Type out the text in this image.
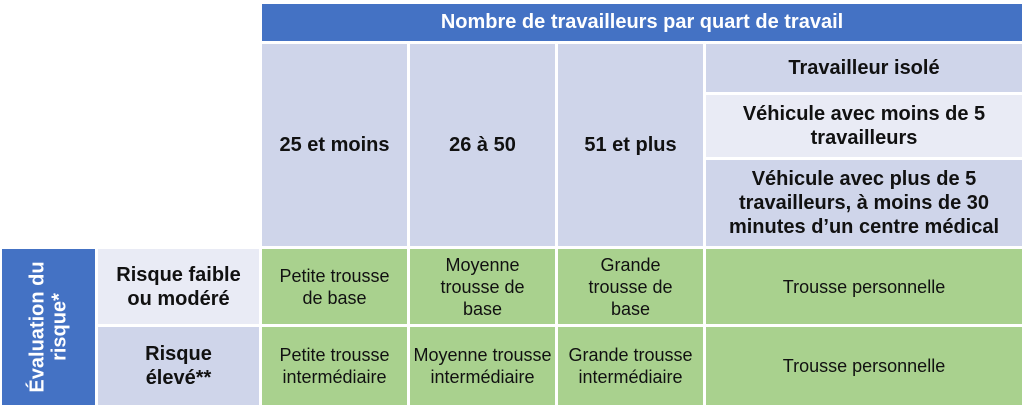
Nombre de travailleurs par quart de travail
25 et moins	26 à 50	51 et plus
Travailleur isolé
Véhicule avec moins de 5 travailleurs
Véhicule avec plus de 5 travailleurs, à moins de 30 minutes d’un centre médical
Évaluation du risque*
Risque faible ou modéré
Risque élevé**
Petite trousse de base
Moyenne trousse de base
Grande trousse de base
Trousse personnelle
Petite trousse intermédiaire
Moyenne trousse intermédiaire
Grande trousse intermédiaire
Trousse personnelle
